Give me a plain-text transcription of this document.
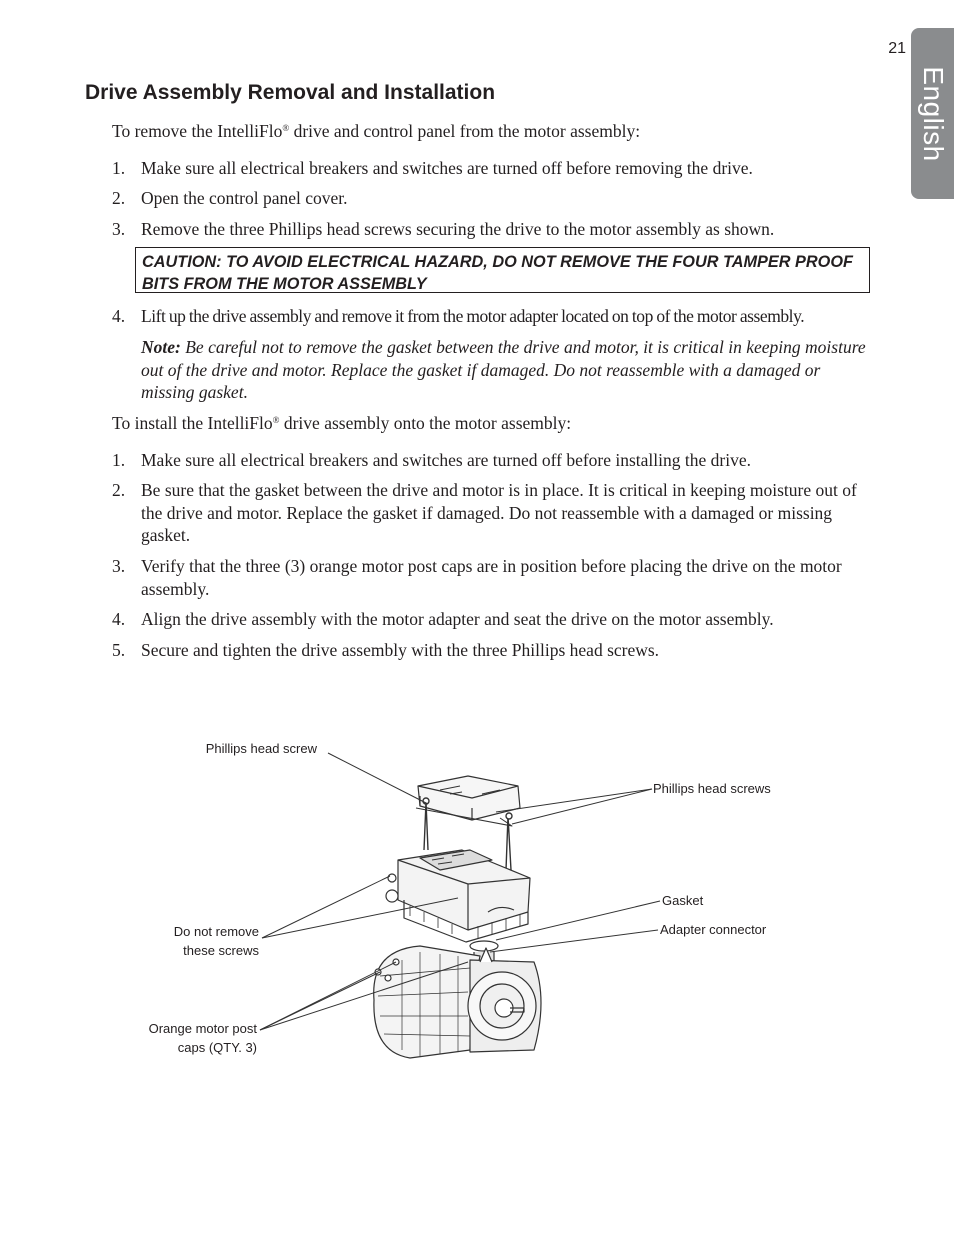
21
English
Drive Assembly Removal and Installation
To remove the IntelliFlo® drive and control panel from the motor assembly:
1. Make sure all electrical breakers and switches are turned off before removing the drive.
2. Open the control panel cover.
3. Remove the three Phillips head screws securing the drive to the motor assembly as shown.
CAUTION: TO AVOID ELECTRICAL HAZARD, DO NOT REMOVE THE FOUR TAMPER PROOF BITS FROM THE MOTOR ASSEMBLY
4. Lift up the drive assembly and remove it from the motor adapter located on top of the motor assembly.
Note: Be careful not to remove the gasket between the drive and motor, it is critical in keeping moisture out of the drive and motor. Replace the gasket if damaged. Do not reassemble with a damaged or missing gasket.
To install the IntelliFlo® drive assembly onto the motor assembly:
1. Make sure all electrical breakers and switches are turned off before installing the drive.
2. Be sure that the gasket between the drive and motor is in place. It is critical in keeping moisture out of the drive and motor. Replace the gasket if damaged. Do not reassemble with a damaged or missing gasket.
3. Verify that the three (3) orange motor post caps are in position before placing the drive on the motor assembly.
4. Align the drive assembly with the motor adapter and seat the drive on the motor assembly.
5. Secure and tighten the drive assembly with the three Phillips head screws.
Phillips head screw
Phillips head screws
Gasket
Adapter connector
Do not remove
these screws
Orange motor post
caps (QTY. 3)
